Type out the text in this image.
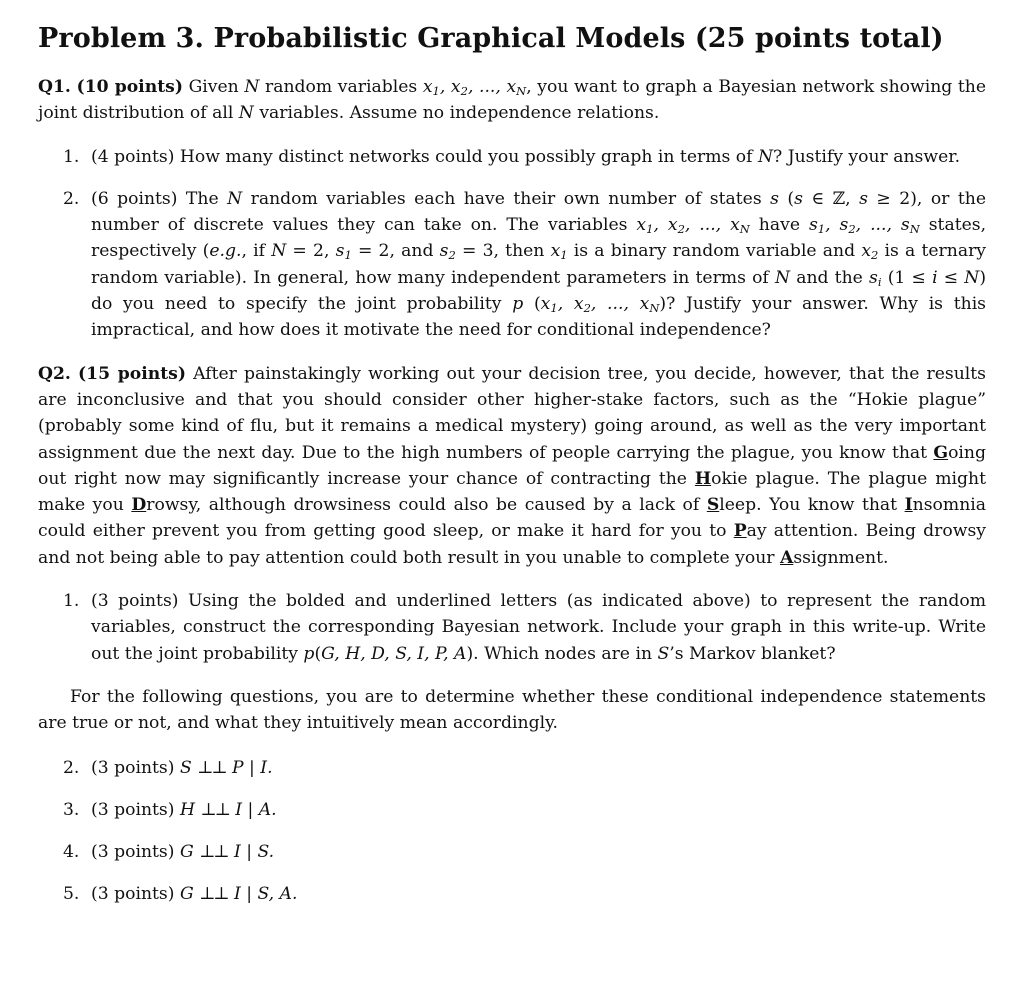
Problem 3. Probabilistic Graphical Models (25 points total)

Q1. (10 points) Given N random variables $x_1$, $x_2$, ..., $x_N$, you want to graph a Bayesian network showing the joint distribution of all N variables. Assume no independence relations.

1. (4 points) How many distinct networks could you possibly graph in terms of N? Justify your answer.
2. (6 points) The N random variables each have their own number of states s (s ∈ ℤ, s ≥ 2), or the number of discrete values they can take on. The variables $x_1$, $x_2$, ..., $x_N$ have $s_1$, $s_2$, ..., $s_N$ states, respectively (e.g., if N = 2, $s_1 = 2$, and $s_2 = 3$, then $x_1$ is a binary random variable and $x_2$ is a ternary random variable). In general, how many independent parameters in terms of N and the $s_i$ (1 ≤ i ≤ N) do you need to specify the joint probability p ($x_1$, $x_2$, ..., $x_N$)? Justify your answer. Why is this impractical, and how does it motivate the need for conditional independence?

Q2. (15 points) After painstakingly working out your decision tree, you decide, however, that the results are inconclusive and that you should consider other higher-stake factors, such as the “Hokie plague” (probably some kind of flu, but it remains a medical mystery) going around, as well as the very important assignment due the next day. Due to the high numbers of people carrying the plague, you know that Going out right now may significantly increase your chance of contracting the Hokie plague. The plague might make you Drowsy, although drowsiness could also be caused by a lack of Sleep. You know that Insomnia could either prevent you from getting good sleep, or make it hard for you to Pay attention. Being drowsy and not being able to pay attention could both result in you unable to complete your Assignment.

1. (3 points) Using the bolded and underlined letters (as indicated above) to represent the random variables, construct the corresponding Bayesian network. Include your graph in this write-up. Write out the joint probability p(G, H, D, S, I, P, A). Which nodes are in S’s Markov blanket?

For the following questions, you are to determine whether these conditional independence statements are true or not, and what they intuitively mean accordingly.

2. (3 points) S ⊥⊥ P | I.
3. (3 points) H ⊥⊥ I | A.
4. (3 points) G ⊥⊥ I | S.
5. (3 points) G ⊥⊥ I | S, A.
